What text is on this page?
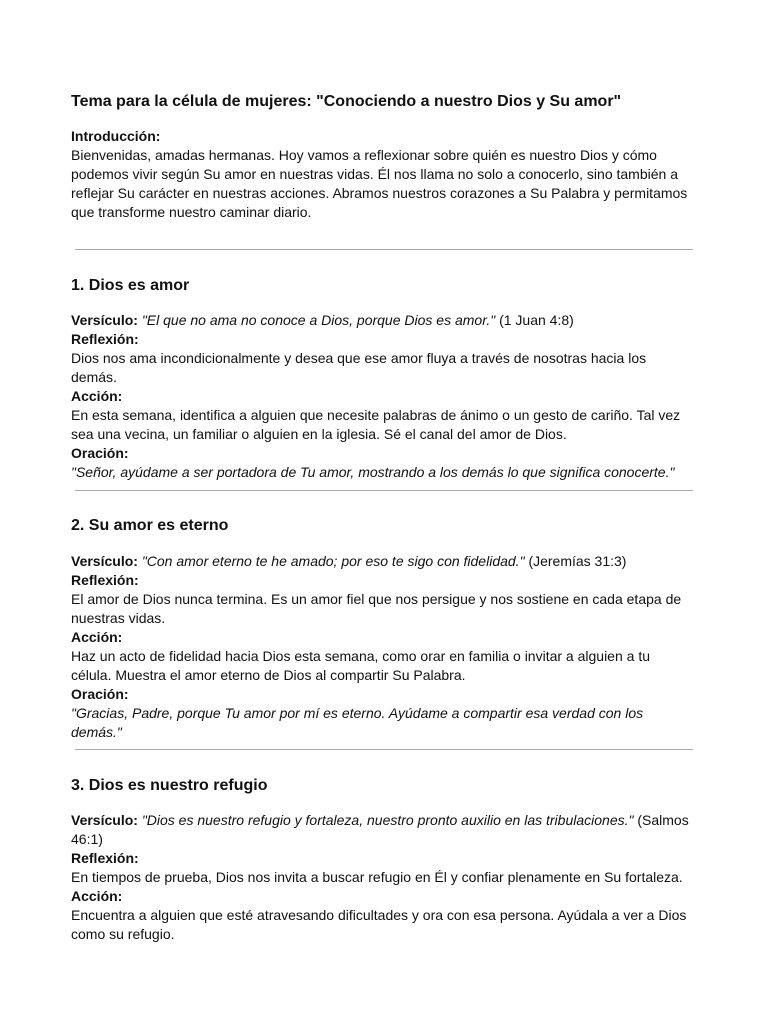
Tema para la célula de mujeres: "Conociendo a nuestro Dios y Su amor"
Introducción:
Bienvenidas, amadas hermanas. Hoy vamos a reflexionar sobre quién es nuestro Dios y cómo podemos vivir según Su amor en nuestras vidas. Él nos llama no solo a conocerlo, sino también a reflejar Su carácter en nuestras acciones. Abramos nuestros corazones a Su Palabra y permitamos que transforme nuestro caminar diario.
1. Dios es amor
Versículo: "El que no ama no conoce a Dios, porque Dios es amor." (1 Juan 4:8)
Reflexión:
Dios nos ama incondicionalmente y desea que ese amor fluya a través de nosotras hacia los demás.
Acción:
En esta semana, identifica a alguien que necesite palabras de ánimo o un gesto de cariño. Tal vez sea una vecina, un familiar o alguien en la iglesia. Sé el canal del amor de Dios.
Oración:
"Señor, ayúdame a ser portadora de Tu amor, mostrando a los demás lo que significa conocerte."
2. Su amor es eterno
Versículo: "Con amor eterno te he amado; por eso te sigo con fidelidad." (Jeremías 31:3)
Reflexión:
El amor de Dios nunca termina. Es un amor fiel que nos persigue y nos sostiene en cada etapa de nuestras vidas.
Acción:
Haz un acto de fidelidad hacia Dios esta semana, como orar en familia o invitar a alguien a tu célula. Muestra el amor eterno de Dios al compartir Su Palabra.
Oración:
"Gracias, Padre, porque Tu amor por mí es eterno. Ayúdame a compartir esa verdad con los demás."
3. Dios es nuestro refugio
Versículo: "Dios es nuestro refugio y fortaleza, nuestro pronto auxilio en las tribulaciones." (Salmos 46:1)
Reflexión:
En tiempos de prueba, Dios nos invita a buscar refugio en Él y confiar plenamente en Su fortaleza.
Acción:
Encuentra a alguien que esté atravesando dificultades y ora con esa persona. Ayúdala a ver a Dios como su refugio.
